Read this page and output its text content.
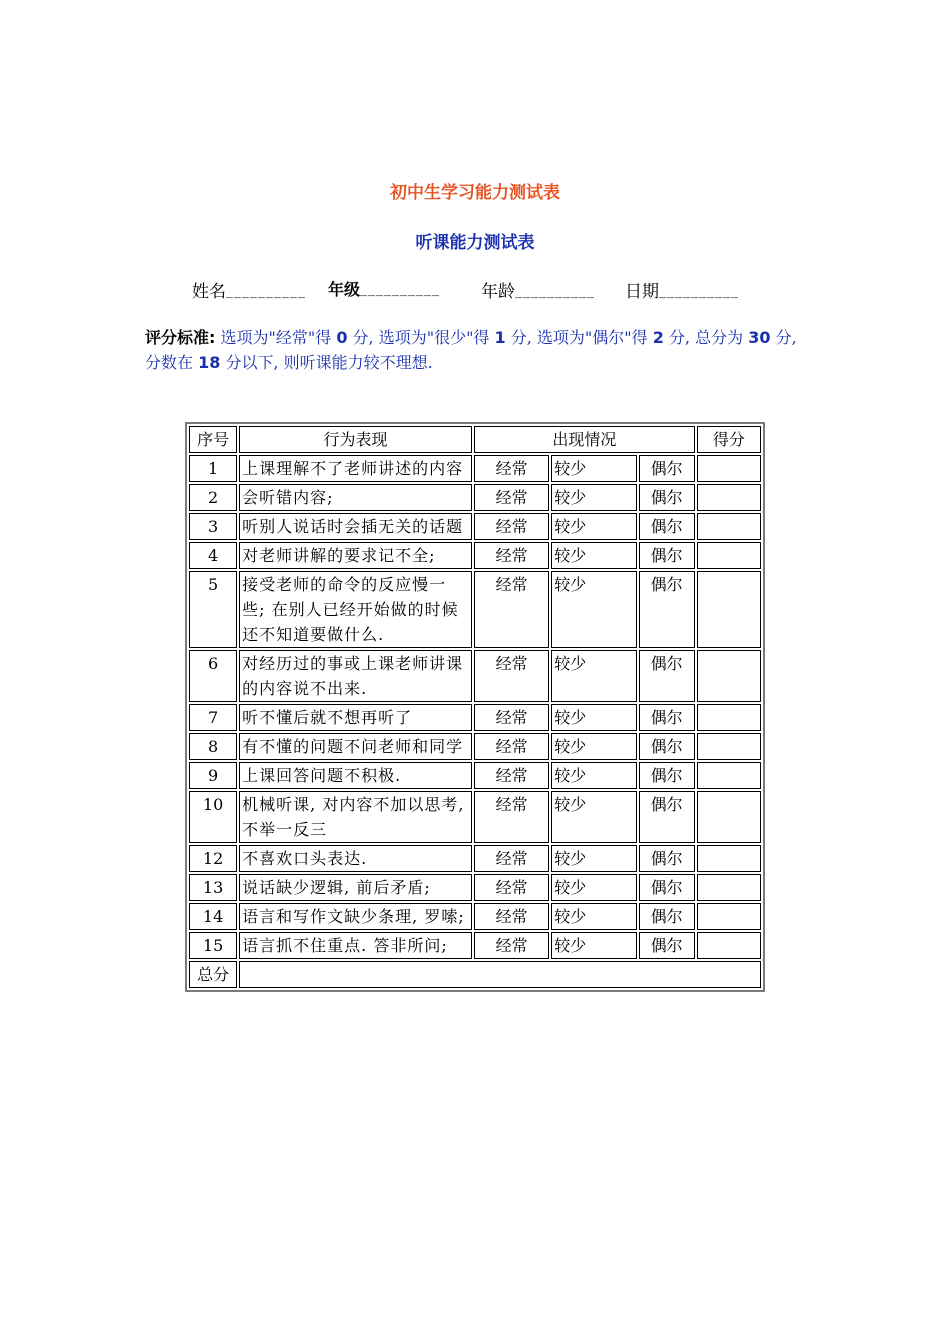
初中生学习能力测试表
听课能力测试表
姓名__________ 年级__________ 年龄__________ 日期__________
评分标准: 选项为"经常"得 0 分, 选项为"很少"得 1 分, 选项为"偶尔"得 2 分, 总分为 30 分, 分数在 18 分以下, 则听课能力较不理想.
序号	行为表现	出现情况			得分
1	上课理解不了老师讲述的内容	经常	较少	偶尔	
2	会听错内容;	经常	较少	偶尔	
3	听别人说话时会插无关的话题	经常	较少	偶尔	
4	对老师讲解的要求记不全;	经常	较少	偶尔	
5	接受老师的命令的反应慢一些; 在别人已经开始做的时候还不知道要做什么.	经常	较少	偶尔	
6	对经历过的事或上课老师讲课的内容说不出来.	经常	较少	偶尔	
7	听不懂后就不想再听了	经常	较少	偶尔	
8	有不懂的问题不问老师和同学	经常	较少	偶尔	
9	上课回答问题不积极.	经常	较少	偶尔	
10	机械听课, 对内容不加以思考, 不举一反三	经常	较少	偶尔	
12	不喜欢口头表达.	经常	较少	偶尔	
13	说话缺少逻辑, 前后矛盾;	经常	较少	偶尔	
14	语言和写作文缺少条理, 罗嗦;	经常	较少	偶尔	
15	语言抓不住重点. 答非所问;	经常	较少	偶尔	
总分					
